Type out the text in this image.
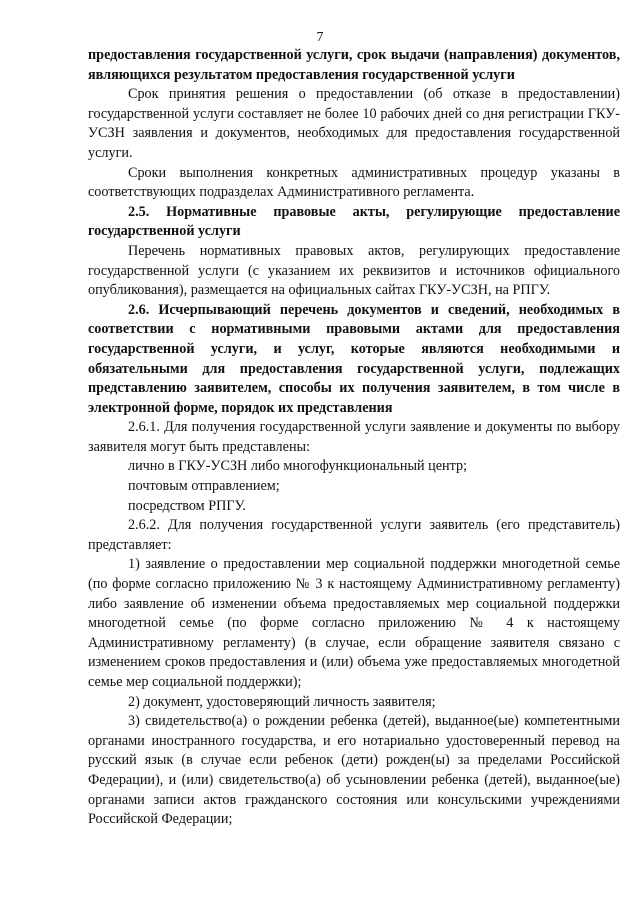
7

предоставления государственной услуги, срок выдачи (направления) документов, являющихся результатом предоставления государственной услуги

Срок принятия решения о предоставлении (об отказе в предоставлении) государственной услуги составляет не более 10 рабочих дней со дня регистрации ГКУ-УСЗН заявления и документов, необходимых для предоставления государственной услуги.

Сроки выполнения конкретных административных процедур указаны в соответствующих подразделах Административного регламента.

2.5. Нормативные правовые акты, регулирующие предоставление государственной услуги

Перечень нормативных правовых актов, регулирующих предоставление государственной услуги (с указанием их реквизитов и источников официального опубликования), размещается на официальных сайтах ГКУ-УСЗН, на РПГУ.

2.6. Исчерпывающий перечень документов и сведений, необходимых в соответствии с нормативными правовыми актами для предоставления государственной услуги, и услуг, которые являются необходимыми и обязательными для предоставления государственной услуги, подлежащих представлению заявителем, способы их получения заявителем, в том числе в электронной форме, порядок их представления

2.6.1. Для получения государственной услуги заявление и документы по выбору заявителя могут быть представлены:

лично в ГКУ-УСЗН либо многофункциональный центр;

почтовым отправлением;

посредством РПГУ.

2.6.2. Для получения государственной услуги заявитель (его представитель) представляет:

1) заявление о предоставлении мер социальной поддержки многодетной семье (по форме согласно приложению № 3 к настоящему Административному регламенту) либо заявление об изменении объема предоставляемых мер социальной поддержки многодетной семье (по форме согласно приложению № 4 к настоящему Административному регламенту) (в случае, если обращение заявителя связано с изменением сроков предоставления и (или) объема уже предоставляемых многодетной семье мер социальной поддержки);

2) документ, удостоверяющий личность заявителя;

3) свидетельство(а) о рождении ребенка (детей), выданное(ые) компетентными органами иностранного государства, и его нотариально удостоверенный перевод на русский язык (в случае если ребенок (дети) рожден(ы) за пределами Российской Федерации), и (или) свидетельство(а) об усыновлении ребенка (детей), выданное(ые) органами записи актов гражданского состояния или консульскими учреждениями Российской Федерации;
